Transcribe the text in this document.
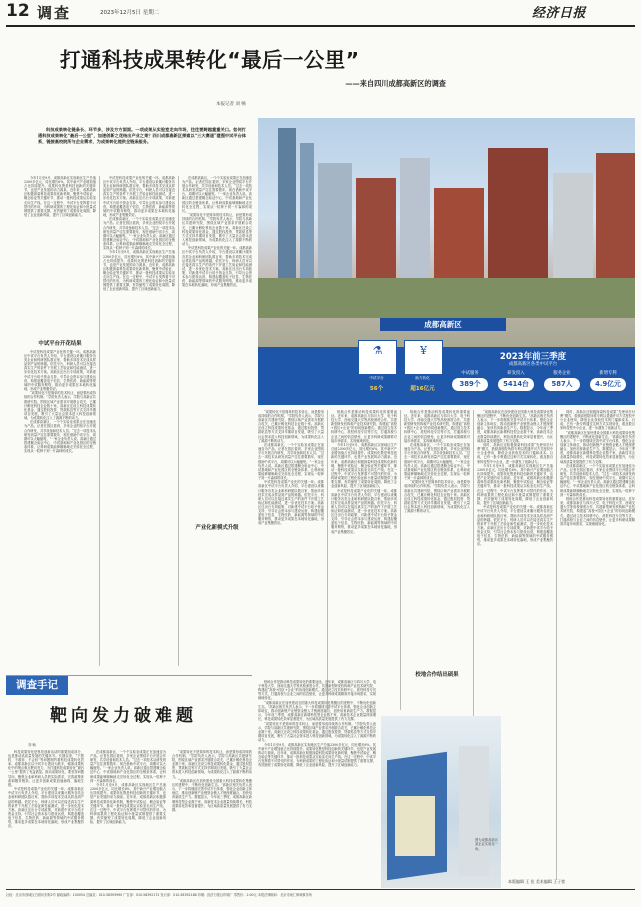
12 调查	2023年12月5日 星期二	经济日报
打通科技成果转化“最后一公里”
——来自四川成都高新区的调查
本报记者 刘 畅

科技成果转化链条长、环节多，涉及方方面面。一项成果从实验室走向市场，往往要跨越重重关口。如何打通科技成果转化“最后一公里”，加速创新之花结出产业之果？四川成都高新区探索以“三大赛道”建强中试平台体系，链接高校院所与企业需求，为成果转化提供全链条服务。

今年1月至9月，成都高新区实现地区生产总值2300多亿元，同比增长6%，其中新兴产业增加值占比持续提升。成果转化既是科技创新的关键环节，也是产业发展的动力源泉。近年来，成都高新区积极探索科技成果转化新机制，聚焦中试验证、概念验证等关键环节，推动一批科技成果从实验室走向生产线。在这一过程中，中试平台发挥着不可替代的作用，为科研成果的工程化验证和小批量试制提供了重要支撑，有效缩短了成果转化周期，降低了企业创新风险，提升了区域创新能力。

中试是科技成果产业化的关键一环。成都高新区中试平台负责人介绍，平台建设以来累计服务各类企业和科研团队数百家，帮助多项技术完成从样品到产品的跨越。依托平台，科研人员可以在接近真实生产的条件下开展工艺验证和性能测试，进一步优化技术方案。高新区还出台专项政策，对新建中试平台给予资金支持，引导社会资本参与建设运营，构建起覆盖电子信息、生物医药、新能源等领域的中试服务网络，推动更多成果在本地转化落地，形成产业集聚效应。

在成都高新区，一个个实验室成果正在加速变为产品。记者在园区看到，多家企业围绕平台开展合作研发，共享设备和技术人员。“过去一项技术从研发到量产往往需要数年，现在借助中试平台，周期可以大幅缩短。”一家企业负责人说。高新区通过搭建概念验证中心、中试基地和产业化园区的全链条体系，让科研成果能够顺畅地走完转化全过程，实现从一粒种子到一片森林的成长。

今年1月至9月，成都高新区实现地区生产总值2300多亿元，同比增长6%，其中新兴产业增加值占比持续提升。成果转化既是科技创新的关键环节，也是产业发展的动力源泉。近年来，成都高新区积极探索科技成果转化新机制，聚焦中试验证、概念验证等关键环节，推动一批科技成果从实验室走向生产线。在这一过程中，中试平台发挥着不可替代的作用，为科研成果的工程化验证和小批量试制提供了重要支撑，有效缩短了成果转化周期，降低了企业创新风险，提升了区域创新能力。

在成都高新区，一个个实验室成果正在加速变为产品。记者在园区看到，多家企业围绕平台开展合作研发，共享设备和技术人员。“过去一项技术从研发到量产往往需要数年，现在借助中试平台，周期可以大幅缩短。”一家企业负责人说。高新区通过搭建概念验证中心、中试基地和产业化园区的全链条体系，让科研成果能够顺畅地走完转化全过程，实现从一粒种子到一片森林的成长。

“成果转化不是简单的技术转让，而是要形成持续的合作机制。”学院负责人表示，学院与高新区共建研究院，围绕区域产业需求开展联合攻关，已累计孵化科技企业数十家。高新区还设立科技成果转化基金，通过股权投资、贷款贴息等方式支持早期项目发展，吸引了大量社会资本进入科技创新领域，为成果转化注入了源源不断的动力。

中试是科技成果产业化的关键一环。成都高新区中试平台负责人介绍，平台建设以来累计服务各类企业和科研团队数百家，帮助多项技术完成从样品到产品的跨越。依托平台，科研人员可以在接近真实生产的条件下开展工艺验证和性能测试，进一步优化技术方案。高新区还出台专项政策，对新建中试平台给予资金支持，引导社会资本参与建设运营，构建起覆盖电子信息、生物医药、新能源等领域的中试服务网络，推动更多成果在本地转化落地，形成产业集聚效应。

中试平台开花结果

中试是科技成果产业化的关键一环。成都高新区中试平台负责人介绍，平台建设以来累计服务各类企业和科研团队数百家，帮助多项技术完成从样品到产品的跨越。依托平台，科研人员可以在接近真实生产的条件下开展工艺验证和性能测试，进一步优化技术方案。高新区还出台专项政策，对新建中试平台给予资金支持，引导社会资本参与建设运营，构建起覆盖电子信息、生物医药、新能源等领域的中试服务网络，推动更多成果在本地转化落地，形成产业集聚效应。

“成果转化不是简单的技术转让，而是要形成持续的合作机制。”学院负责人表示，学院与高新区共建研究院，围绕区域产业需求开展联合攻关，已累计孵化科技企业数十家。高新区还设立科技成果转化基金，通过股权投资、贷款贴息等方式支持早期项目发展，吸引了大量社会资本进入科技创新领域，为成果转化注入了源源不断的动力。

在成都高新区，一个个实验室成果正在加速变为产品。记者在园区看到，多家企业围绕平台开展合作研发，共享设备和技术人员。“过去一项技术从研发到量产往往需要数年，现在借助中试平台，周期可以大幅缩短。”一家企业负责人说。高新区通过搭建概念验证中心、中试基地和产业化园区的全链条体系，让科研成果能够顺畅地走完转化全过程，实现从一粒种子到一片森林的成长。

产业化新模式升级
成都高新区
⚗
中试平台
56个
¥
助力转化
超16亿元
2023年前三季度
成都高新区各类中试平台
中试服务
389个
研发投入
5414台
服务企业
587人
新增专利
4.9亿元

“成果转化不是简单的技术转让，而是要形成持续的合作机制。”学院负责人表示，学院与高新区共建研究院，围绕区域产业需求开展联合攻关，已累计孵化科技企业数十家。高新区还设立科技成果转化基金，通过股权投资、贷款贴息等方式支持早期项目发展，吸引了大量社会资本进入科技创新领域，为成果转化注入了源源不断的动力。

在成都高新区，一个个实验室成果正在加速变为产品。记者在园区看到，多家企业围绕平台开展合作研发，共享设备和技术人员。“过去一项技术从研发到量产往往需要数年，现在借助中试平台，周期可以大幅缩短。”一家企业负责人说。高新区通过搭建概念验证中心、中试基地和产业化园区的全链条体系，让科研成果能够顺畅地走完转化全过程，实现从一粒种子到一片森林的成长。

中试是科技成果产业化的关键一环。成都高新区中试平台负责人介绍，平台建设以来累计服务各类企业和科研团队数百家，帮助多项技术完成从样品到产品的跨越。依托平台，科研人员可以在接近真实生产的条件下开展工艺验证和性能测试，进一步优化技术方案。高新区还出台专项政策，对新建中试平台给予资金支持，引导社会资本参与建设运营，构建起覆盖电子信息、生物医药、新能源等领域的中试服务网络，推动更多成果在本地转化落地，形成产业集聚效应。

校地合作是推动科技成果转化的重要途径。近年来，成都高新区与四川大学、电子科技大学、西南交通大学等高校深度合作，共建新型研发机构和产业技术研究院，构建起“高校+园区+企业”的协同创新模式。通过设立技术转移中心、派驻科技专员等方式，打通高校与企业之间的信息壁垒，让更多科研成果精准对接市场需求，实现就地转化。

今年1月至9月，成都高新区实现地区生产总值2300多亿元，同比增长6%，其中新兴产业增加值占比持续提升。成果转化既是科技创新的关键环节，也是产业发展的动力源泉。近年来，成都高新区积极探索科技成果转化新机制，聚焦中试验证、概念验证等关键环节，推动一批科技成果从实验室走向生产线。在这一过程中，中试平台发挥着不可替代的作用，为科研成果的工程化验证和小批量试制提供了重要支撑，有效缩短了成果转化周期，降低了企业创新风险，提升了区域创新能力。

中试是科技成果产业化的关键一环。成都高新区中试平台负责人介绍，平台建设以来累计服务各类企业和科研团队数百家，帮助多项技术完成从样品到产品的跨越。依托平台，科研人员可以在接近真实生产的条件下开展工艺验证和性能测试，进一步优化技术方案。高新区还出台专项政策，对新建中试平台给予资金支持，引导社会资本参与建设运营，构建起覆盖电子信息、生物医药、新能源等领域的中试服务网络，推动更多成果在本地转化落地，形成产业集聚效应。

校地合作是推动科技成果转化的重要途径。近年来，成都高新区与四川大学、电子科技大学、西南交通大学等高校深度合作，共建新型研发机构和产业技术研究院，构建起“高校+园区+企业”的协同创新模式。通过设立技术转移中心、派驻科技专员等方式，打通高校与企业之间的信息壁垒，让更多科研成果精准对接市场需求，实现就地转化。

在成都高新区，一个个实验室成果正在加速变为产品。记者在园区看到，多家企业围绕平台开展合作研发，共享设备和技术人员。“过去一项技术从研发到量产往往需要数年，现在借助中试平台，周期可以大幅缩短。”一家企业负责人说。高新区通过搭建概念验证中心、中试基地和产业化园区的全链条体系，让科研成果能够顺畅地走完转化全过程，实现从一粒种子到一片森林的成长。

“成果转化不是简单的技术转让，而是要形成持续的合作机制。”学院负责人表示，学院与高新区共建研究院，围绕区域产业需求开展联合攻关，已累计孵化科技企业数十家。高新区还设立科技成果转化基金，通过股权投资、贷款贴息等方式支持早期项目发展，吸引了大量社会资本进入科技创新领域，为成果转化注入了源源不断的动力。

“成都高新区在加快建设全国重大科技成果转化集聚区的进程中，不断优化创新生态。”高新区相关负责人表示，下一步将继续完善中试平台体系，强化企业创新主体地位，推动创新链产业链资金链人才链深度融合，加快培育新质生产力。数据显示，今年前三季度，成都高新区新增科技型企业数千家，高新技术企业数量持续增长，科技成果转化效率显著提升，为区域高质量发展提供了有力支撑。

同时，高新区还积极探索科技成果“先使用后付费”模式，鼓励高校院所将专利以普通许可方式授权中小企业使用，降低企业获取技术的门槛和成本。目前，已有一批专利通过这种方式实现转化，惠及数百家科技型中小企业，进一步激发了创新活力。

今年1月至9月，成都高新区实现地区生产总值2300多亿元，同比增长6%，其中新兴产业增加值占比持续提升。成果转化既是科技创新的关键环节，也是产业发展的动力源泉。近年来，成都高新区积极探索科技成果转化新机制，聚焦中试验证、概念验证等关键环节，推动一批科技成果从实验室走向生产线。在这一过程中，中试平台发挥着不可替代的作用，为科研成果的工程化验证和小批量试制提供了重要支撑，有效缩短了成果转化周期，降低了企业创新风险，提升了区域创新能力。

中试是科技成果产业化的关键一环。成都高新区中试平台负责人介绍，平台建设以来累计服务各类企业和科研团队数百家，帮助多项技术完成从样品到产品的跨越。依托平台，科研人员可以在接近真实生产的条件下开展工艺验证和性能测试，进一步优化技术方案。高新区还出台专项政策，对新建中试平台给予资金支持，引导社会资本参与建设运营，构建起覆盖电子信息、生物医药、新能源等领域的中试服务网络，推动更多成果在本地转化落地，形成产业集聚效应。

同时，高新区还积极探索科技成果“先使用后付费”模式，鼓励高校院所将专利以普通许可方式授权中小企业使用，降低企业获取技术的门槛和成本。目前，已有一批专利通过这种方式实现转化，惠及数百家科技型中小企业，进一步激发了创新活力。

“成都高新区在加快建设全国重大科技成果转化集聚区的进程中，不断优化创新生态。”高新区相关负责人表示，下一步将继续完善中试平台体系，强化企业创新主体地位，推动创新链产业链资金链人才链深度融合，加快培育新质生产力。数据显示，今年前三季度，成都高新区新增科技型企业数千家，高新技术企业数量持续增长，科技成果转化效率显著提升，为区域高质量发展提供了有力支撑。

在成都高新区，一个个实验室成果正在加速变为产品。记者在园区看到，多家企业围绕平台开展合作研发，共享设备和技术人员。“过去一项技术从研发到量产往往需要数年，现在借助中试平台，周期可以大幅缩短。”一家企业负责人说。高新区通过搭建概念验证中心、中试基地和产业化园区的全链条体系，让科研成果能够顺畅地走完转化全过程，实现从一粒种子到一片森林的成长。

校地合作是推动科技成果转化的重要途径。近年来，成都高新区与四川大学、电子科技大学、西南交通大学等高校深度合作，共建新型研发机构和产业技术研究院，构建起“高校+园区+企业”的协同创新模式。通过设立技术转移中心、派驻科技专员等方式，打通高校与企业之间的信息壁垒，让更多科研成果精准对接市场需求，实现就地转化。

校地合作结出硕果

校地合作是推动科技成果转化的重要途径。近年来，成都高新区与四川大学、电子科技大学、西南交通大学等高校深度合作，共建新型研发机构和产业技术研究院，构建起“高校+园区+企业”的协同创新模式。通过设立技术转移中心、派驻科技专员等方式，打通高校与企业之间的信息壁垒，让更多科研成果精准对接市场需求，实现就地转化。

“成都高新区在加快建设全国重大科技成果转化集聚区的进程中，不断优化创新生态。”高新区相关负责人表示，下一步将继续完善中试平台体系，强化企业创新主体地位，推动创新链产业链资金链人才链深度融合，加快培育新质生产力。数据显示，今年前三季度，成都高新区新增科技型企业数千家，高新技术企业数量持续增长，科技成果转化效率显著提升，为区域高质量发展提供了有力支撑。

“成果转化不是简单的技术转让，而是要形成持续的合作机制。”学院负责人表示，学院与高新区共建研究院，围绕区域产业需求开展联合攻关，已累计孵化科技企业数十家。高新区还设立科技成果转化基金，通过股权投资、贷款贴息等方式支持早期项目发展，吸引了大量社会资本进入科技创新领域，为成果转化注入了源源不断的动力。

今年1月至9月，成都高新区实现地区生产总值2300多亿元，同比增长6%，其中新兴产业增加值占比持续提升。成果转化既是科技创新的关键环节，也是产业发展的动力源泉。近年来，成都高新区积极探索科技成果转化新机制，聚焦中试验证、概念验证等关键环节，推动一批科技成果从实验室走向生产线。在这一过程中，中试平台发挥着不可替代的作用，为科研成果的工程化验证和小批量试制提供了重要支撑，有效缩短了成果转化周期，降低了企业创新风险，提升了区域创新能力。

调查手记
靶向发力破难题
刘 畅

科技成果转化是科技创新活动的重要组成部分，也是推动高质量发展的关键环节。长期以来，“不愿转、不敢转、不会转”等问题制约着科技成果转化效率。成都高新区以中试平台建设为抓手，瞄准成果转化中的堵点难点靶向发力，为打通科技成果转化“最后一公里”提供了有益借鉴。推动成果转化，要坚持问题导向，聚焦企业和科研人员的实际需求，完善政策体系和服务链条，让更多创新成果加速涌现、落地生根。

中试是科技成果产业化的关键一环。成都高新区中试平台负责人介绍，平台建设以来累计服务各类企业和科研团队数百家，帮助多项技术完成从样品到产品的跨越。依托平台，科研人员可以在接近真实生产的条件下开展工艺验证和性能测试，进一步优化技术方案。高新区还出台专项政策，对新建中试平台给予资金支持，引导社会资本参与建设运营，构建起覆盖电子信息、生物医药、新能源等领域的中试服务网络，推动更多成果在本地转化落地，形成产业集聚效应。

在成都高新区，一个个实验室成果正在加速变为产品。记者在园区看到，多家企业围绕平台开展合作研发，共享设备和技术人员。“过去一项技术从研发到量产往往需要数年，现在借助中试平台，周期可以大幅缩短。”一家企业负责人说。高新区通过搭建概念验证中心、中试基地和产业化园区的全链条体系，让科研成果能够顺畅地走完转化全过程，实现从一粒种子到一片森林的成长。

今年1月至9月，成都高新区实现地区生产总值2300多亿元，同比增长6%，其中新兴产业增加值占比持续提升。成果转化既是科技创新的关键环节，也是产业发展的动力源泉。近年来，成都高新区积极探索科技成果转化新机制，聚焦中试验证、概念验证等关键环节，推动一批科技成果从实验室走向生产线。在这一过程中，中试平台发挥着不可替代的作用，为科研成果的工程化验证和小批量试制提供了重要支撑，有效缩短了成果转化周期，降低了企业创新风险，提升了区域创新能力。

“成果转化不是简单的技术转让，而是要形成持续的合作机制。”学院负责人表示，学院与高新区共建研究院，围绕区域产业需求开展联合攻关，已累计孵化科技企业数十家。高新区还设立科技成果转化基金，通过股权投资、贷款贴息等方式支持早期项目发展，吸引了大量社会资本进入科技创新领域，为成果转化注入了源源不断的动力。

“成都高新区在加快建设全国重大科技成果转化集聚区的进程中，不断优化创新生态。”高新区相关负责人表示，下一步将继续完善中试平台体系，强化企业创新主体地位，推动创新链产业链资金链人才链深度融合，加快培育新质生产力。数据显示，今年前三季度，成都高新区新增科技型企业数千家，高新技术企业数量持续增长，科技成果转化效率显著提升，为区域高质量发展提供了有力支撑。

图为成都高新区某企业实验室一角。
本版编辑 王 佳 美术编辑 王子萱
社址：北京市西城区白纸坊东街2号 邮政编码：100054 总编室：010-58393990 广告部：010-58392172 发行部：010-58392188 印刷：经济日报社印刷厂 零售价：2.00元 本报法律顾问：北京市雨仁律师事务所
